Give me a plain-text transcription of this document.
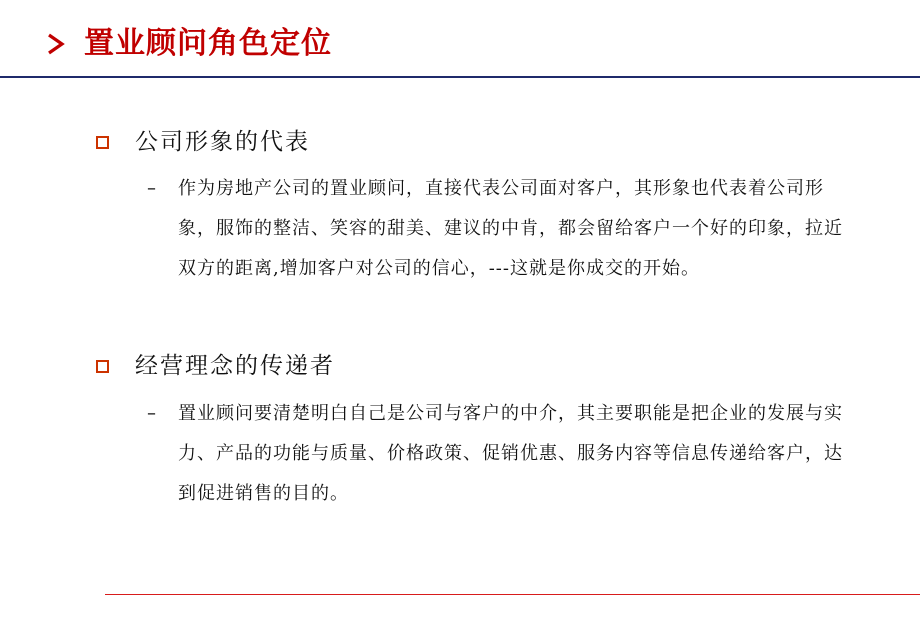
置业顾问角色定位
公司形象的代表
– 作为房地产公司的置业顾问，直接代表公司面对客户，其形象也代表着公司形象，服饰的整洁、笑容的甜美、建议的中肯，都会留给客户一个好的印象，拉近双方的距离,增加客户对公司的信心，---这就是你成交的开始。
经营理念的传递者
– 置业顾问要清楚明白自己是公司与客户的中介，其主要职能是把企业的发展与实力、产品的功能与质量、价格政策、促销优惠、服务内容等信息传递给客户，达到促进销售的目的。
